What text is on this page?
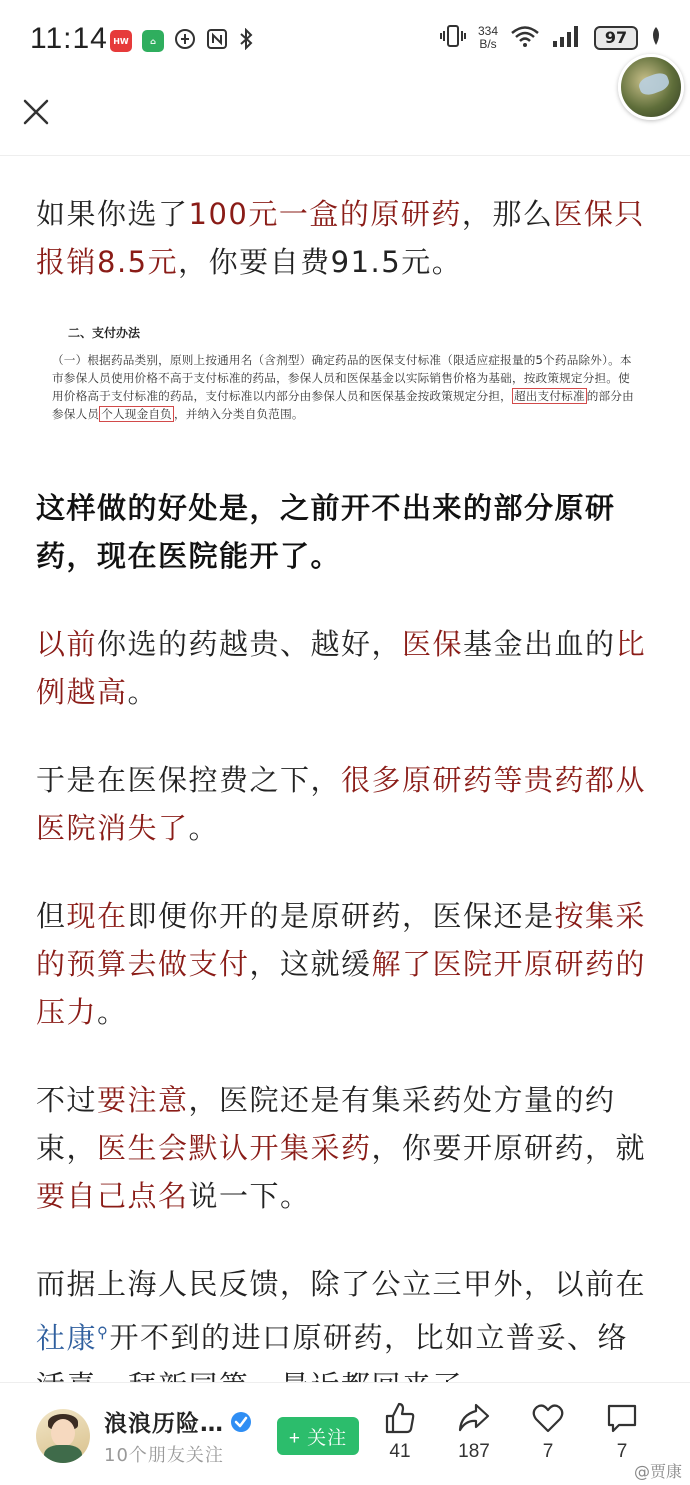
11:14 HW	⌂
334
B/s	97

如果你选了100元一盒的原研药，那么医保只报销8.5元，你要自费91.5元。

二、支付办法
（一）根据药品类别，原则上按通用名（含剂型）确定药品的医保支付标准（限适应症报量的5个药品除外）。本市参保人员使用价格不高于支付标准的药品，参保人员和医保基金以实际销售价格为基础，按政策规定分担。使用价格高于支付标准的药品，支付标准以内部分由参保人员和医保基金按政策规定分担， 超出支付标准 的部分由参保人员 个人现金自负 ，并纳入分类自负范围。

这样做的好处是，之前开不出来的部分原研药，现在医院能开了。

以前你选的药越贵、越好，医保基金出血的比例越高。

于是在医保控费之下，很多原研药等贵药都从医院消失了。

但现在即便你开的是原研药，医保还是按集采的预算去做支付，这就缓解了医院开原研药的压力。

不过要注意，医院还是有集采药处方量的约束，医生会默认开集采药，你要开原研药，就要自己点名说一下。

而据上海人民反馈，除了公立三甲外，以前在社康⚲开不到的进口原研药，比如立普妥、络

浪浪历险…
10个朋友关注
+ 关注
41	187	7	7
@贾康
